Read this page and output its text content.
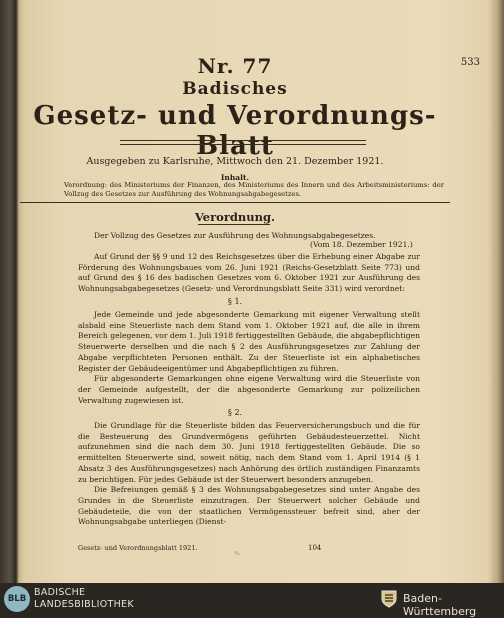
533
Nr. 77
Badisches
Gesetz- und Verordnungs-Blatt
Ausgegeben zu Karlsruhe, Mittwoch den 21. Dezember 1921.
Inhalt.
Verordnung: des Ministeriums der Finanzen, des Ministeriums des Innern und des Arbeitsministeriums: der Vollzug des Gesetzes zur Ausführung des Wohnungsabgabegesetzes.
Verordnung.

Der Vollzug des Gesetzes zur Ausführung des Wohnungsabgabegesetzes.

(Vom 18. Dezember 1921.)

Auf Grund der §§ 9 und 12 des Reichsgesetzes über die Erhebung einer Abgabe zur Förderung des Wohnungsbaues vom 26. Juni 1921 (Reichs-Gesetzblatt Seite 773) und auf Grund des § 16 des badischen Gesetzes vom 6. Oktober 1921 zur Ausführung des Wohnungsabgabegesetzes (Gesetz- und Verordnungsblatt Seite 331) wird verordnet:

§ 1.

Jede Gemeinde und jede abgesonderte Gemarkung mit eigener Verwaltung stellt alsbald eine Steuerliste nach dem Stand vom 1. Oktober 1921 auf, die alle in ihrem Bereich gelegenen, vor dem 1. Juli 1918 fertiggestellten Gebäude, die abgabepflichtigen Steuerwerte derselben und die nach § 2 des Ausführungsgesetzes zur Zahlung der Abgabe verpflichteten Personen enthält. Zu der Steuerliste ist ein alphabetisches Register der Gebäudeeigentümer und Abgabepflichtigen zu führen.

Für abgesonderte Gemarkungen ohne eigene Verwaltung wird die Steuerliste von der Gemeinde aufgestellt, der die abgesonderte Gemarkung zur polizeilichen Verwaltung zugewiesen ist.

§ 2.

Die Grundlage für die Steuerliste bilden das Feuerversicherungsbuch und die für die Besteuerung des Grundvermögens geführten Gebäudesteuerzettel. Nicht aufzunehmen sind die nach dem 30. Juni 1918 fertiggestellten Gebäude. Die so ermittelten Steuerwerte sind, soweit nötig, nach dem Stand vom 1. April 1914 (§ 1 Absatz 3 des Ausführungsgesetzes) nach Anhörung des örtlich zuständigen Finanzamts zu berichtigen. Für jedes Gebäude ist der Steuerwert besonders anzugeben.

Die Befreiungen gemäß § 3 des Wohnungsabgabegesetzes sind unter Angabe des Grundes in die Steuerliste einzutragen. Der Steuerwert solcher Gebäude und Gebäudeteile, die von der staatlichen Vermögenssteuer befreit sind, aber der Wohnungsabgabe unterliegen (Dienst-

Gesetz- und Verordnungsblatt 1921.	104
✎
BLB
BADISCHE
LANDESBIBLIOTHEK	Baden-Württemberg
